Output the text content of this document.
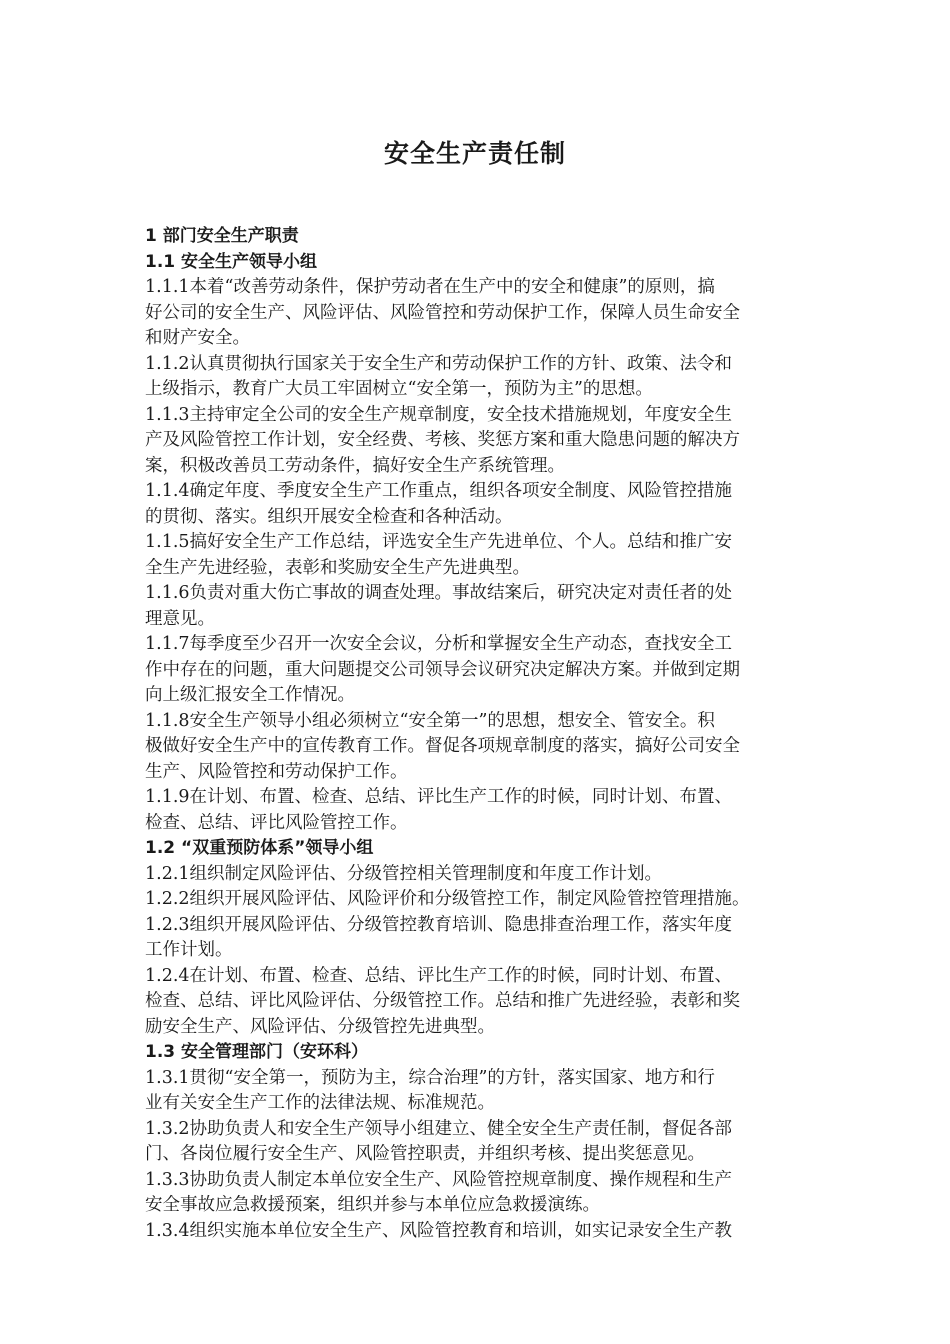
安全生产责任制
1 部门安全生产职责
1.1 安全生产领导小组
1.1.1本着“改善劳动条件，保护劳动者在生产中的安全和健康”的原则，搞
好公司的安全生产、风险评估、风险管控和劳动保护工作，保障人员生命安全
和财产安全。
1.1.2认真贯彻执行国家关于安全生产和劳动保护工作的方针、政策、法令和
上级指示，教育广大员工牢固树立“安全第一，预防为主”的思想。
1.1.3主持审定全公司的安全生产规章制度，安全技术措施规划，年度安全生
产及风险管控工作计划，安全经费、考核、奖惩方案和重大隐患问题的解决方
案，积极改善员工劳动条件，搞好安全生产系统管理。
1.1.4确定年度、季度安全生产工作重点，组织各项安全制度、风险管控措施
的贯彻、落实。组织开展安全检查和各种活动。
1.1.5搞好安全生产工作总结，评选安全生产先进单位、个人。总结和推广安
全生产先进经验，表彰和奖励安全生产先进典型。
1.1.6负责对重大伤亡事故的调查处理。事故结案后，研究决定对责任者的处
理意见。
1.1.7每季度至少召开一次安全会议，分析和掌握安全生产动态，查找安全工
作中存在的问题，重大问题提交公司领导会议研究决定解决方案。并做到定期
向上级汇报安全工作情况。
1.1.8安全生产领导小组必须树立“安全第一”的思想，想安全、管安全。积
极做好安全生产中的宣传教育工作。督促各项规章制度的落实，搞好公司安全
生产、风险管控和劳动保护工作。
1.1.9在计划、布置、检查、总结、评比生产工作的时候，同时计划、布置、
检查、总结、评比风险管控工作。
1.2 “双重预防体系”领导小组
1.2.1组织制定风险评估、分级管控相关管理制度和年度工作计划。
1.2.2组织开展风险评估、风险评价和分级管控工作，制定风险管控管理措施。
1.2.3组织开展风险评估、分级管控教育培训、隐患排查治理工作，落实年度
工作计划。
1.2.4在计划、布置、检查、总结、评比生产工作的时候，同时计划、布置、
检查、总结、评比风险评估、分级管控工作。总结和推广先进经验，表彰和奖
励安全生产、风险评估、分级管控先进典型。
1.3 安全管理部门（安环科）
1.3.1贯彻“安全第一，预防为主，综合治理”的方针，落实国家、地方和行
业有关安全生产工作的法律法规、标准规范。
1.3.2协助负责人和安全生产领导小组建立、健全安全生产责任制，督促各部
门、各岗位履行安全生产、风险管控职责，并组织考核、提出奖惩意见。
1.3.3协助负责人制定本单位安全生产、风险管控规章制度、操作规程和生产
安全事故应急救援预案，组织并参与本单位应急救援演练。
1.3.4组织实施本单位安全生产、风险管控教育和培训，如实记录安全生产教
